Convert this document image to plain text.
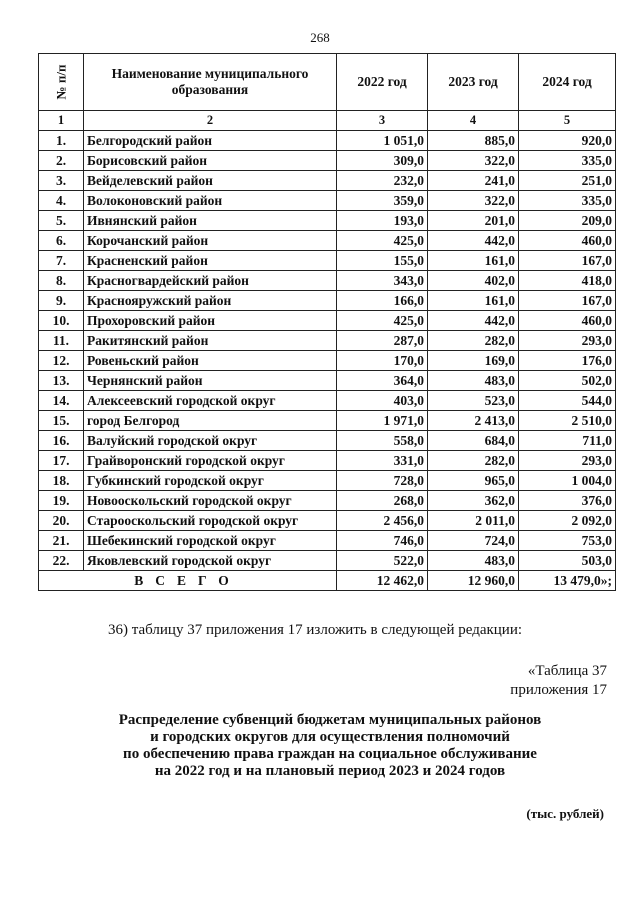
268
№ п/п	Наименование муниципального образования	2022 год	2023 год	2024 год
1	2	3	4	5
1.	Белгородский район	1 051,0	885,0	920,0
2.	Борисовский район	309,0	322,0	335,0
3.	Вейделевский район	232,0	241,0	251,0
4.	Волоконовский район	359,0	322,0	335,0
5.	Ивнянский район	193,0	201,0	209,0
6.	Корочанский район	425,0	442,0	460,0
7.	Красненский район	155,0	161,0	167,0
8.	Красногвардейский район	343,0	402,0	418,0
9.	Краснояружский район	166,0	161,0	167,0
10.	Прохоровский район	425,0	442,0	460,0
11.	Ракитянский район	287,0	282,0	293,0
12.	Ровеньский район	170,0	169,0	176,0
13.	Чернянский район	364,0	483,0	502,0
14.	Алексеевский городской округ	403,0	523,0	544,0
15.	город Белгород	1 971,0	2 413,0	2 510,0
16.	Валуйский городской округ	558,0	684,0	711,0
17.	Грайворонский городской округ	331,0	282,0	293,0
18.	Губкинский городской округ	728,0	965,0	1 004,0
19.	Новооскольский городской округ	268,0	362,0	376,0
20.	Старооскольский городской округ	2 456,0	2 011,0	2 092,0
21.	Шебекинский городской округ	746,0	724,0	753,0
22.	Яковлевский городской округ	522,0	483,0	503,0
ВСЕГО		12 462,0	12 960,0	13 479,0»;
36) таблицу 37 приложения 17 изложить в следующей редакции:
«Таблица 37
приложения 17
Распределение субвенций бюджетам муниципальных районов
и городских округов для осуществления полномочий
по обеспечению права граждан на социальное обслуживание
на 2022 год и на плановый период 2023 и 2024 годов
(тыс. рублей)
